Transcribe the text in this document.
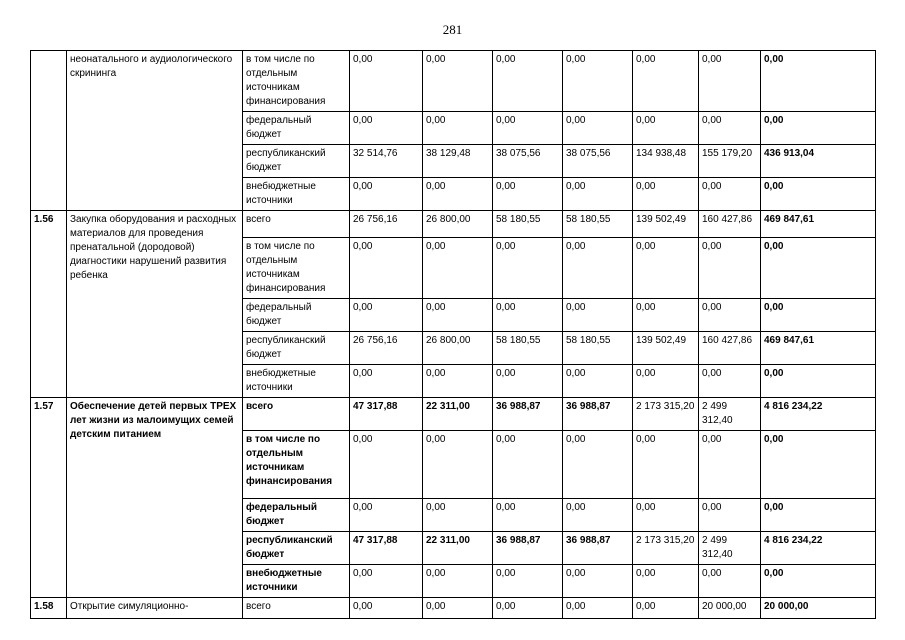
281
	неонатального и аудиологического скрининга	в том числе по отдельным источникам финансирования	0,00	0,00	0,00	0,00	0,00	0,00	0,00
		федеральный бюджет	0,00	0,00	0,00	0,00	0,00	0,00	0,00
		республиканский бюджет	32 514,76	38 129,48	38 075,56	38 075,56	134 938,48	155 179,20	436 913,04
		внебюджетные источники	0,00	0,00	0,00	0,00	0,00	0,00	0,00
1.56	Закупка оборудования и расходных материалов для проведения пренатальной (дородовой) диагностики нарушений развития ребенка	всего	26 756,16	26 800,00	58 180,55	58 180,55	139 502,49	160 427,86	469 847,61
		в том числе по отдельным источникам финансирования	0,00	0,00	0,00	0,00	0,00	0,00	0,00
		федеральный бюджет	0,00	0,00	0,00	0,00	0,00	0,00	0,00
		республиканский бюджет	26 756,16	26 800,00	58 180,55	58 180,55	139 502,49	160 427,86	469 847,61
		внебюджетные источники	0,00	0,00	0,00	0,00	0,00	0,00	0,00
1.57	Обеспечение детей первых ТРЕХ лет жизни из малоимущих семей детским питанием	всего	47 317,88	22 311,00	36 988,87	36 988,87	2 173 315,20	2 499 312,40	4 816 234,22
		в том числе по отдельным источникам финансирования	0,00	0,00	0,00	0,00	0,00	0,00	0,00
		федеральный бюджет	0,00	0,00	0,00	0,00	0,00	0,00	0,00
		республиканский бюджет	47 317,88	22 311,00	36 988,87	36 988,87	2 173 315,20	2 499 312,40	4 816 234,22
		внебюджетные источники	0,00	0,00	0,00	0,00	0,00	0,00	0,00
1.58	Открытие симуляционно-	всего	0,00	0,00	0,00	0,00	0,00	20 000,00	20 000,00
